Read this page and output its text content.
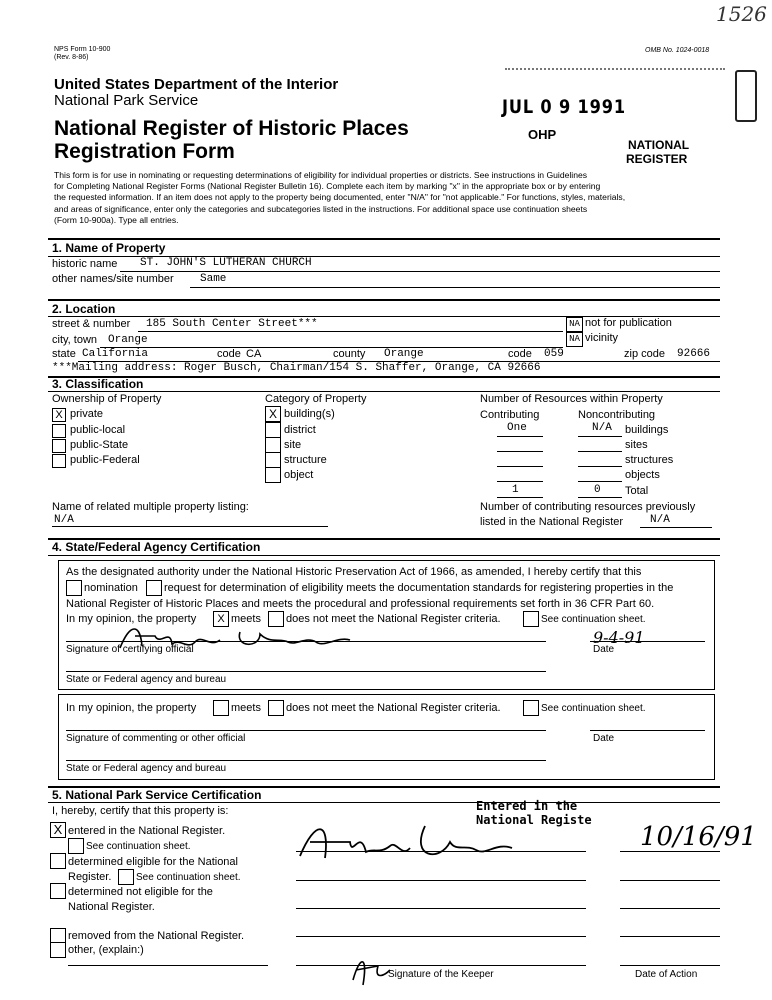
1526
NPS Form 10-900
(Rev. 8-86)
OMB No. 1024-0018
United States Department of the Interior
National Park Service
National Register of Historic Places
Registration Form
JUL 0 9 1991
OHP
NATIONAL
REGISTER
This form is for use in nominating or requesting determinations of eligibility for individual properties or districts. See instructions in Guidelines
for Completing National Register Forms (National Register Bulletin 16). Complete each item by marking "x" in the appropriate box or by entering
the requested information. If an item does not apply to the property being documented, enter "N/A" for "not applicable." For functions, styles, materials,
and areas of significance, enter only the categories and subcategories listed in the instructions. For additional space use continuation sheets
(Form 10-900a). Type all entries.
1. Name of Property
historic name ST. JOHN'S LUTHERAN CHURCH
other names/site number Same
2. Location
street & number 185 South Center Street***	NA not for publication
city, town Orange	NA vicinity
state California	code CA	county Orange	code 059	zip code 92666
***Mailing address: Roger Busch, Chairman/154 S. Shaffer, Orange, CA 92666
3. Classification
Ownership of Property	Category of Property	Number of Resources within Property
Contributing	Noncontributing
X private
public-local
public-State
public-Federal
X building(s)
district
site
structure
object
One	N/A buildings
sites
structures
objects
1	0 Total
Name of related multiple property listing:
N/A
Number of contributing resources previously
listed in the National Register N/A
4. State/Federal Agency Certification
As the designated authority under the National Historic Preservation Act of 1966, as amended, I hereby certify that this
nomination request for determination of eligibility meets the documentation standards for registering properties in the
National Register of Historic Places and meets the procedural and professional requirements set forth in 36 CFR Part 60.
In my opinion, the property	X meets does not meet the National Register criteria.	See continuation sheet.
9-4-91
Signature of certifying official	Date
State or Federal agency and bureau
In my opinion, the property	meets does not meet the National Register criteria.	See continuation sheet.
Signature of commenting or other official	Date
State or Federal agency and bureau
5. National Park Service Certification
I, hereby, certify that this property is:
X entered in the National Register.
See continuation sheet.
determined eligible for the National
Register. See continuation sheet.
determined not eligible for the
National Register.
removed from the National Register.
other, (explain:)
Entered in the
National Registe
10/16/91
Signature of the Keeper	Date of Action
